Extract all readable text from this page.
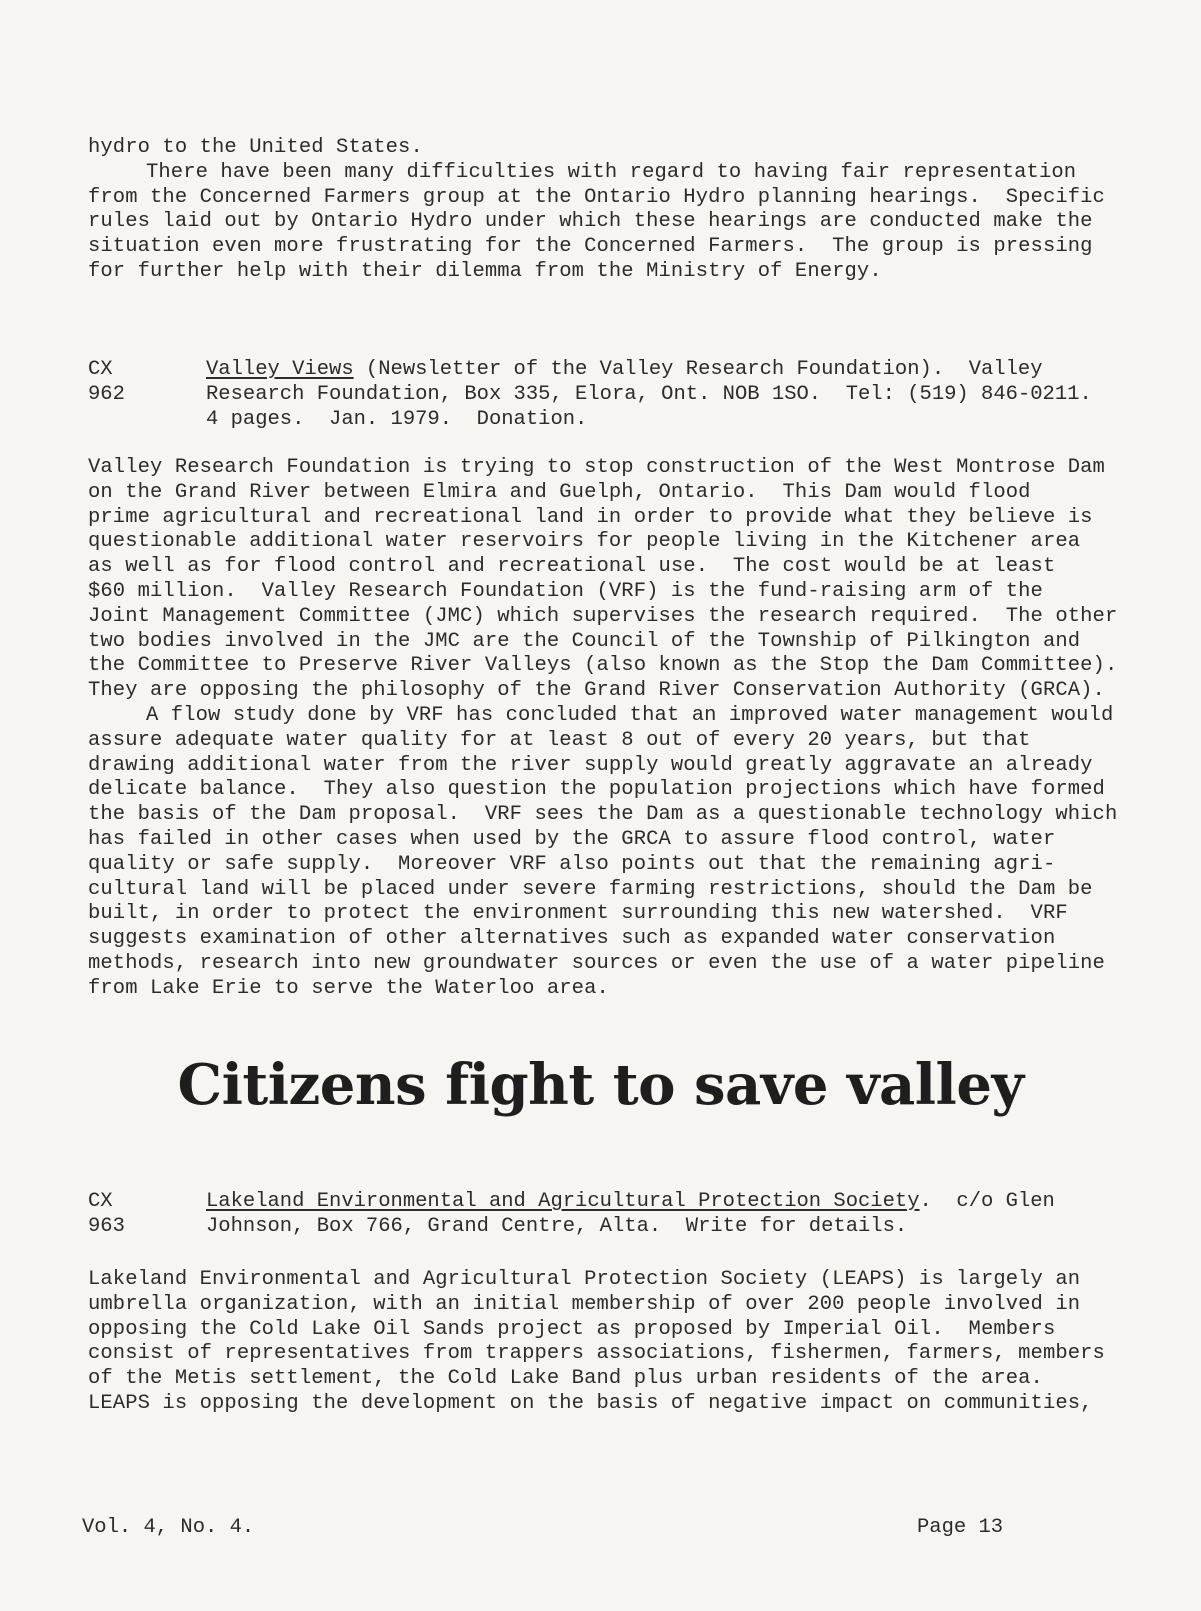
hydro to the United States.
There have been many difficulties with regard to having fair representation
from the Concerned Farmers group at the Ontario Hydro planning hearings.  Specific
rules laid out by Ontario Hydro under which these hearings are conducted make the
situation even more frustrating for the Concerned Farmers.  The group is pressing
for further help with their dilemma from the Ministry of Energy.
CX
962
Valley Views (Newsletter of the Valley Research Foundation).  Valley
Research Foundation, Box 335, Elora, Ont. NOB 1SO.  Tel: (519) 846-0211.
4 pages.  Jan. 1979.  Donation.
Valley Research Foundation is trying to stop construction of the West Montrose Dam
on the Grand River between Elmira and Guelph, Ontario.  This Dam would flood
prime agricultural and recreational land in order to provide what they believe is
questionable additional water reservoirs for people living in the Kitchener area
as well as for flood control and recreational use.  The cost would be at least
$60 million.  Valley Research Foundation (VRF) is the fund-raising arm of the
Joint Management Committee (JMC) which supervises the research required.  The other
two bodies involved in the JMC are the Council of the Township of Pilkington and
the Committee to Preserve River Valleys (also known as the Stop the Dam Committee).
They are opposing the philosophy of the Grand River Conservation Authority (GRCA).
A flow study done by VRF has concluded that an improved water management would
assure adequate water quality for at least 8 out of every 20 years, but that
drawing additional water from the river supply would greatly aggravate an already
delicate balance.  They also question the population projections which have formed
the basis of the Dam proposal.  VRF sees the Dam as a questionable technology which
has failed in other cases when used by the GRCA to assure flood control, water
quality or safe supply.  Moreover VRF also points out that the remaining agri-
cultural land will be placed under severe farming restrictions, should the Dam be
built, in order to protect the environment surrounding this new watershed.  VRF
suggests examination of other alternatives such as expanded water conservation
methods, research into new groundwater sources or even the use of a water pipeline
from Lake Erie to serve the Waterloo area.
Citizens fight to save valley
CX
963
Lakeland Environmental and Agricultural Protection Society.  c/o Glen
Johnson, Box 766, Grand Centre, Alta.  Write for details.
Lakeland Environmental and Agricultural Protection Society (LEAPS) is largely an
umbrella organization, with an initial membership of over 200 people involved in
opposing the Cold Lake Oil Sands project as proposed by Imperial Oil.  Members
consist of representatives from trappers associations, fishermen, farmers, members
of the Metis settlement, the Cold Lake Band plus urban residents of the area.
LEAPS is opposing the development on the basis of negative impact on communities,
Vol. 4, No. 4.	Page 13
